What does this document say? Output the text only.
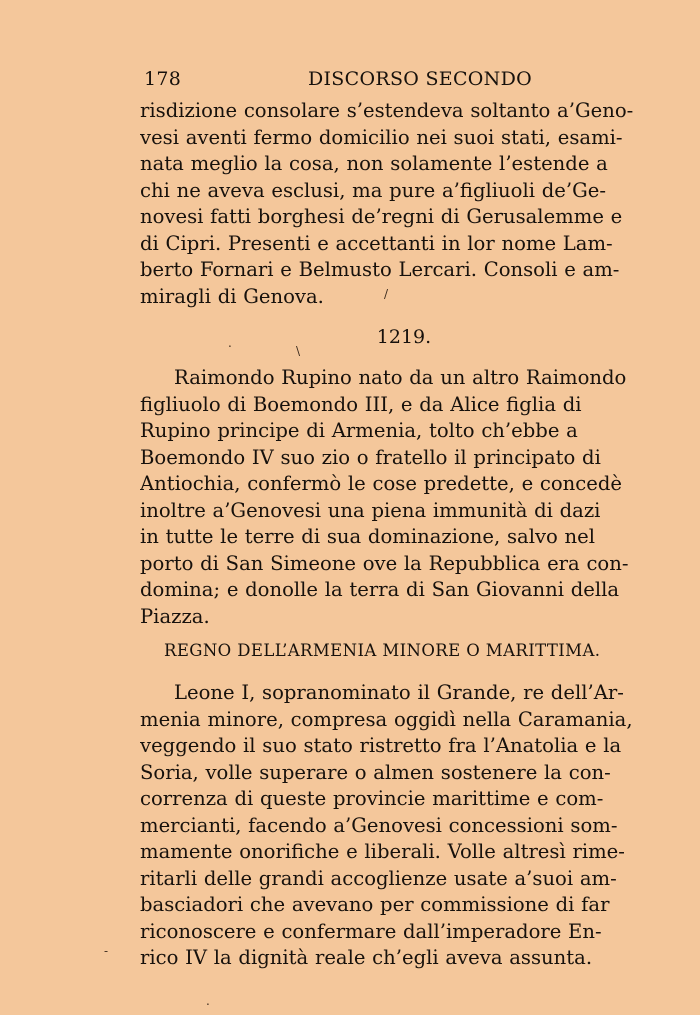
178	DISCORSO SECONDO
risdizione consolare s’estendeva soltanto a’Geno-
vesi aventi fermo domicilio nei suoi stati, esami-
nata meglio la cosa, non solamente l’estende a
chi ne aveva esclusi, ma pure a’figliuoli de’Ge-
novesi fatti borghesi de’regni di Gerusalemme e
di Cipri. Presenti e accettanti in lor nome Lam-
berto Fornari e Belmusto Lercari. Consoli e am-
miragli di Genova.
1219.
Raimondo Rupino nato da un altro Raimondo
figliuolo di Boemondo III, e da Alice figlia di
Rupino principe di Armenia, tolto ch’ebbe a
Boemondo IV suo zio o fratello il principato di
Antiochia, confermò le cose predette, e concedè
inoltre a’Genovesi una piena immunità di dazi
in tutte le terre di sua dominazione, salvo nel
porto di San Simeone ove la Repubblica era con-
domina; e donolle la terra di San Giovanni della
Piazza.
REGNO DELL’ARMENIA MINORE O MARITTIMA.
Leone I, sopranominato il Grande, re dell’Ar-
menia minore, compresa oggidì nella Caramania,
veggendo il suo stato ristretto fra l’Anatolia e la
Soria, volle superare o almen sostenere la con-
correnza di queste provincie marittime e com-
mercianti, facendo a’Genovesi concessioni som-
mamente onorifiche e liberali. Volle altresì rime-
ritarli delle grandi accoglienze usate a’suoi am-
basciadori che avevano per commissione di far
riconoscere e confermare dall’imperadore En-
rico IV la dignità reale ch’egli aveva assunta.
/
.
\
-
.
